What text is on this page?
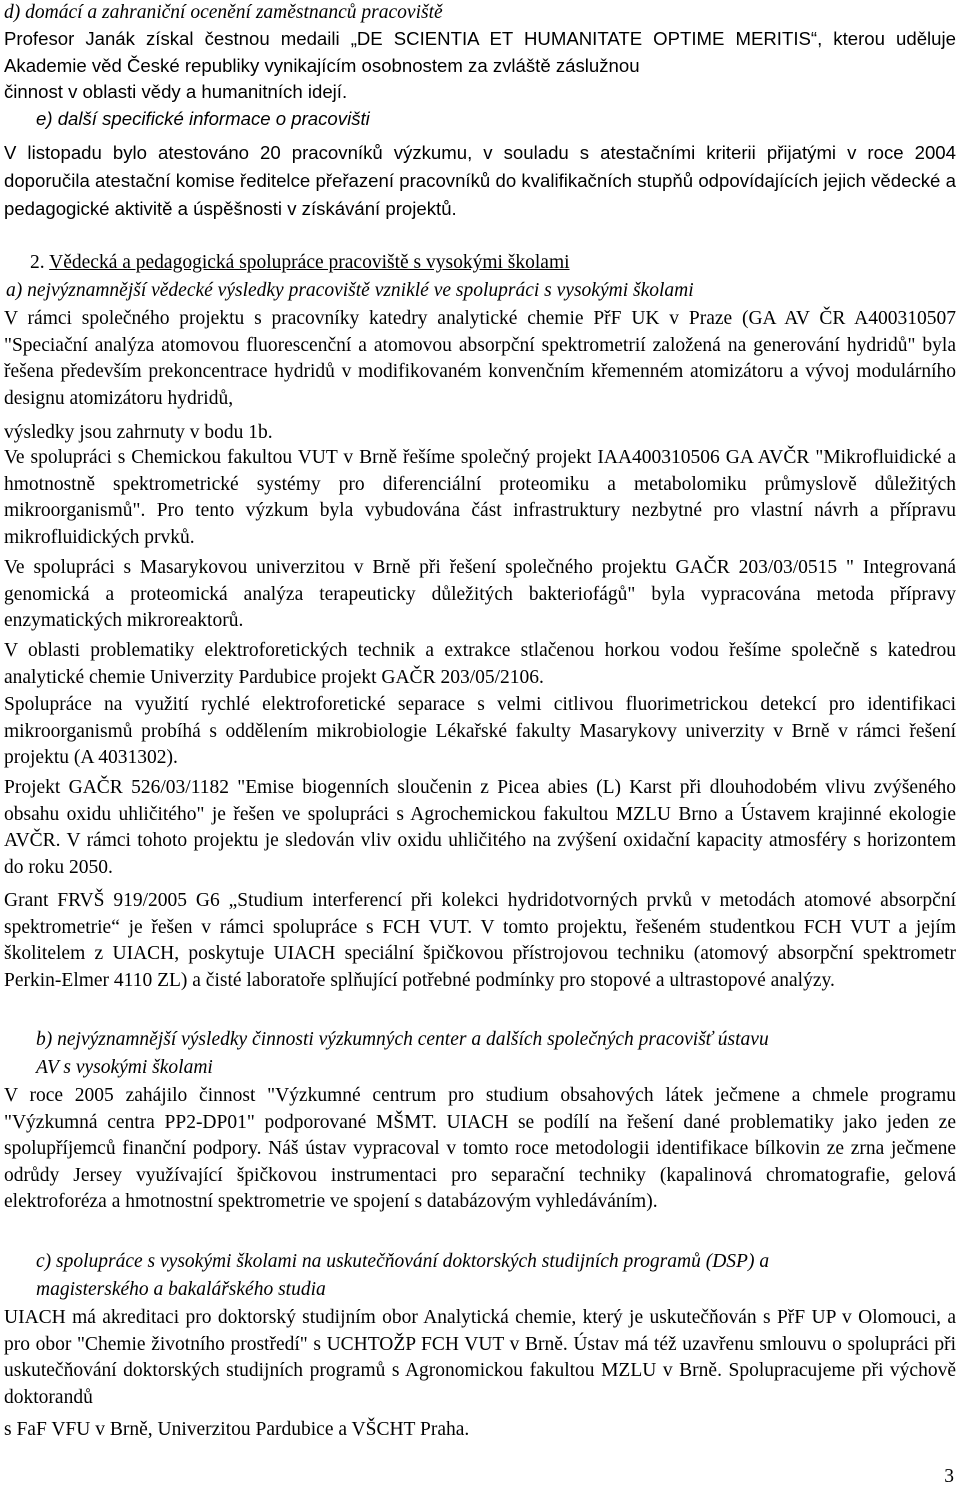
d) domácí a zahraniční ocenění zaměstnanců pracoviště
Profesor Janák získal čestnou medaili „DE SCIENTIA ET HUMANITATE OPTIME MERITIS“, kterou uděluje Akademie věd České republiky vynikajícím osobnostem za zvláště záslužnou
činnost v oblasti vědy a humanitních idejí.
e) další specifické informace o pracovišti
V listopadu bylo atestováno 20 pracovníků výzkumu, v souladu s atestačními kriterii přijatými v roce 2004 doporučila atestační komise ředitelce přeřazení pracovníků do kvalifikačních stupňů odpovídajících jejich vědecké a pedagogické aktivitě a úspěšnosti v získávání projektů.
2. Vědecká a pedagogická spolupráce pracoviště s vysokými školami
a) nejvýznamnější vědecké výsledky pracoviště vzniklé ve spolupráci s vysokými školami
V rámci společného projektu s pracovníky katedry analytické chemie PřF UK v Praze (GA AV ČR A400310507 "Speciační analýza atomovou fluorescenční a atomovou absorpční spektrometrií založená na generování hydridů" byla řešena především prekoncentrace hydridů v modifikovaném konvenčním křemenném atomizátoru a vývoj modulárního designu atomizátoru hydridů,
výsledky jsou zahrnuty v bodu 1b.
Ve spolupráci s Chemickou fakultou VUT v Brně řešíme společný projekt IAA400310506 GA AVČR "Mikrofluidické a hmotnostně spektrometrické systémy pro diferenciální proteomiku a metabolomiku průmyslově důležitých mikroorganismů". Pro tento výzkum byla vybudována část infrastruktury nezbytné pro vlastní návrh a přípravu mikrofluidických prvků.
Ve spolupráci s Masarykovou univerzitou v Brně při řešení společného projektu GAČR 203/03/0515 " Integrovaná genomická a proteomická analýza terapeuticky důležitých bakteriofágů" byla vypracována metoda přípravy enzymatických mikroreaktorů.
V oblasti problematiky elektroforetických technik a extrakce stlačenou horkou vodou řešíme společně s katedrou analytické chemie Univerzity Pardubice projekt GAČR 203/05/2106.
Spolupráce na využití rychlé elektroforetické separace s velmi citlivou fluorimetrickou detekcí pro identifikaci mikroorganismů probíhá s oddělením mikrobiologie Lékařské fakulty Masarykovy univerzity v Brně v rámci řešení projektu (A 4031302).
Projekt GAČR 526/03/1182 "Emise biogenních sloučenin z Picea abies (L) Karst při dlouhodobém vlivu zvýšeného obsahu oxidu uhličitého" je řešen ve spolupráci s Agrochemickou fakultou MZLU Brno a Ústavem krajinné ekologie AVČR. V rámci tohoto projektu je sledován vliv oxidu uhličitého na zvýšení oxidační kapacity atmosféry s horizontem do roku 2050.
Grant FRVŠ 919/2005 G6 „Studium interferencí při kolekci hydridotvorných prvků v metodách atomové absorpční spektrometrie“ je řešen v rámci spolupráce s FCH VUT. V tomto projektu, řešeném studentkou FCH VUT a jejím školitelem z UIACH, poskytuje UIACH speciální špičkovou přístrojovou techniku (atomový absorpční spektrometr Perkin-Elmer 4110 ZL) a čisté laboratoře splňující potřebné podmínky pro stopové a ultrastopové analýzy.
b) nejvýznamnější výsledky činnosti výzkumných center a dalších společných pracovišť ústavu
AV s vysokými školami
V roce 2005 zahájilo činnost "Výzkumné centrum pro studium obsahových látek ječmene a chmele programu "Výzkumná centra PP2-DP01" podporované MŠMT. UIACH se podílí na řešení dané problematiky jako jeden ze spolupříjemců finanční podpory. Náš ústav vypracoval v tomto roce metodologii identifikace bílkovin ze zrna ječmene odrůdy Jersey využívající špičkovou instrumentaci pro separační techniky (kapalinová chromatografie, gelová elektroforéza a hmotnostní spektrometrie ve spojení s databázovým vyhledáváním).
c) spolupráce s vysokými školami na uskutečňování doktorských studijních programů (DSP) a
magisterského a bakalářského studia
UIACH má akreditaci pro doktorský studijním obor Analytická chemie, který je uskutečňován s PřF UP v Olomouci, a pro obor "Chemie životního prostředí" s UCHTOŽP FCH VUT v Brně. Ústav má též uzavřenu smlouvu o spolupráci při uskutečňování doktorských studijních programů s Agronomickou fakultou MZLU v Brně. Spolupracujeme při výchově doktorandů
s FaF VFU v Brně, Univerzitou Pardubice a VŠCHT Praha.
3
